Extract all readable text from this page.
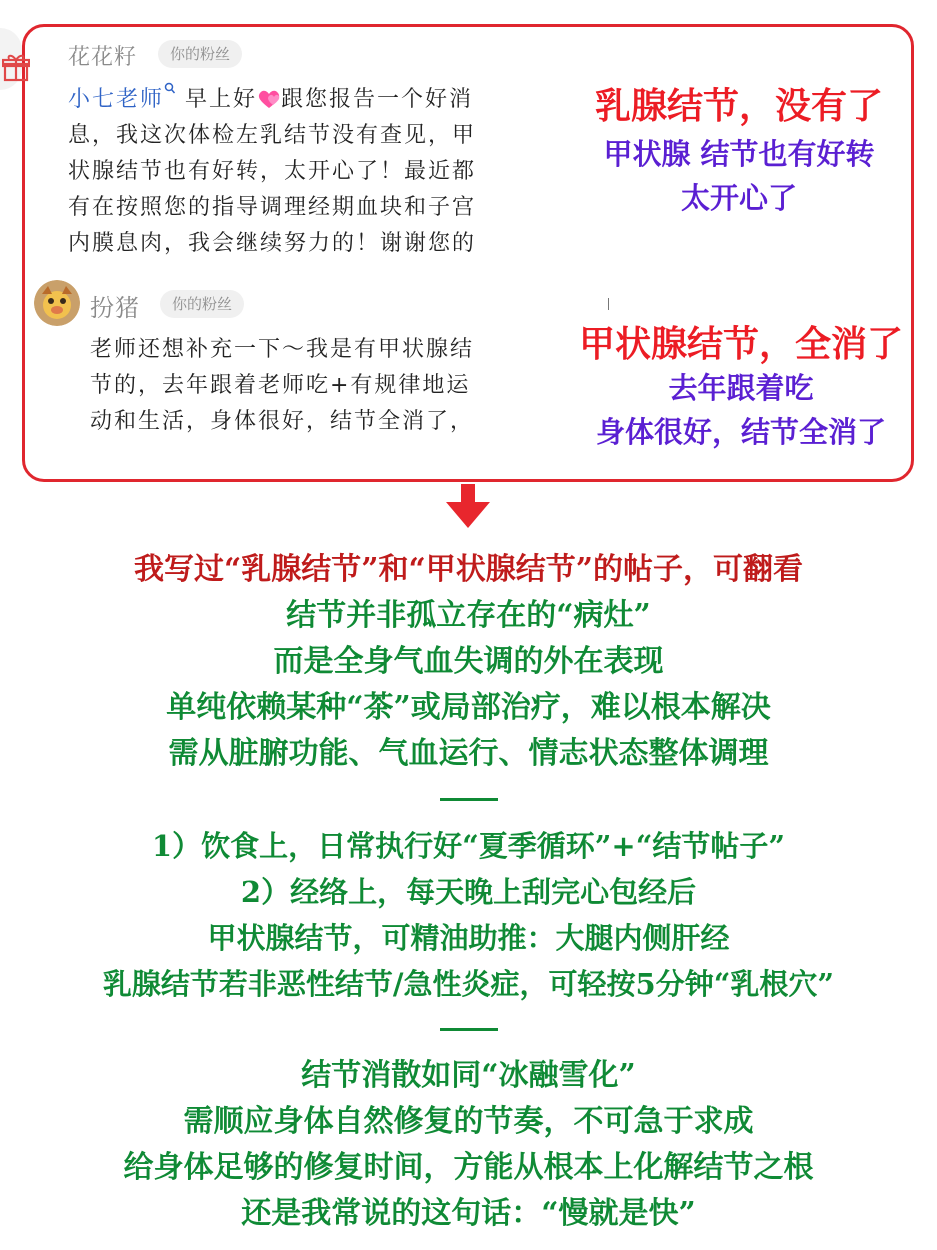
花花籽	你的粉丝
小七老师 早上好 跟您报告一个好消
息，我这次体检左乳结节没有查见，甲
状腺结节也有好转，太开心了！最近都
有在按照您的指导调理经期血块和子宫
内膜息肉，我会继续努力的！谢谢您的
乳腺结节，没有了
甲状腺 结节也有好转
太开心了
扮猪	你的粉丝
老师还想补充一下～我是有甲状腺结
节的，去年跟着老师吃+有规律地运
动和生活，身体很好，结节全消了，
甲状腺结节，全消了
去年跟着吃
身体很好，结节全消了
我写过“乳腺结节”和“甲状腺结节”的帖子，可翻看
结节并非孤立存在的“病灶”
而是全身气血失调的外在表现
单纯依赖某种“茶”或局部治疗，难以根本解决
需从脏腑功能、气血运行、情志状态整体调理
1）饮食上，日常执行好“夏季循环”+“结节帖子”
2）经络上，每天晚上刮完心包经后
甲状腺结节，可精油助推：大腿内侧肝经
乳腺结节若非恶性结节/急性炎症，可轻按5分钟“乳根穴”
结节消散如同“冰融雪化”
需顺应身体自然修复的节奏，不可急于求成
给身体足够的修复时间，方能从根本上化解结节之根
还是我常说的这句话：“慢就是快”
